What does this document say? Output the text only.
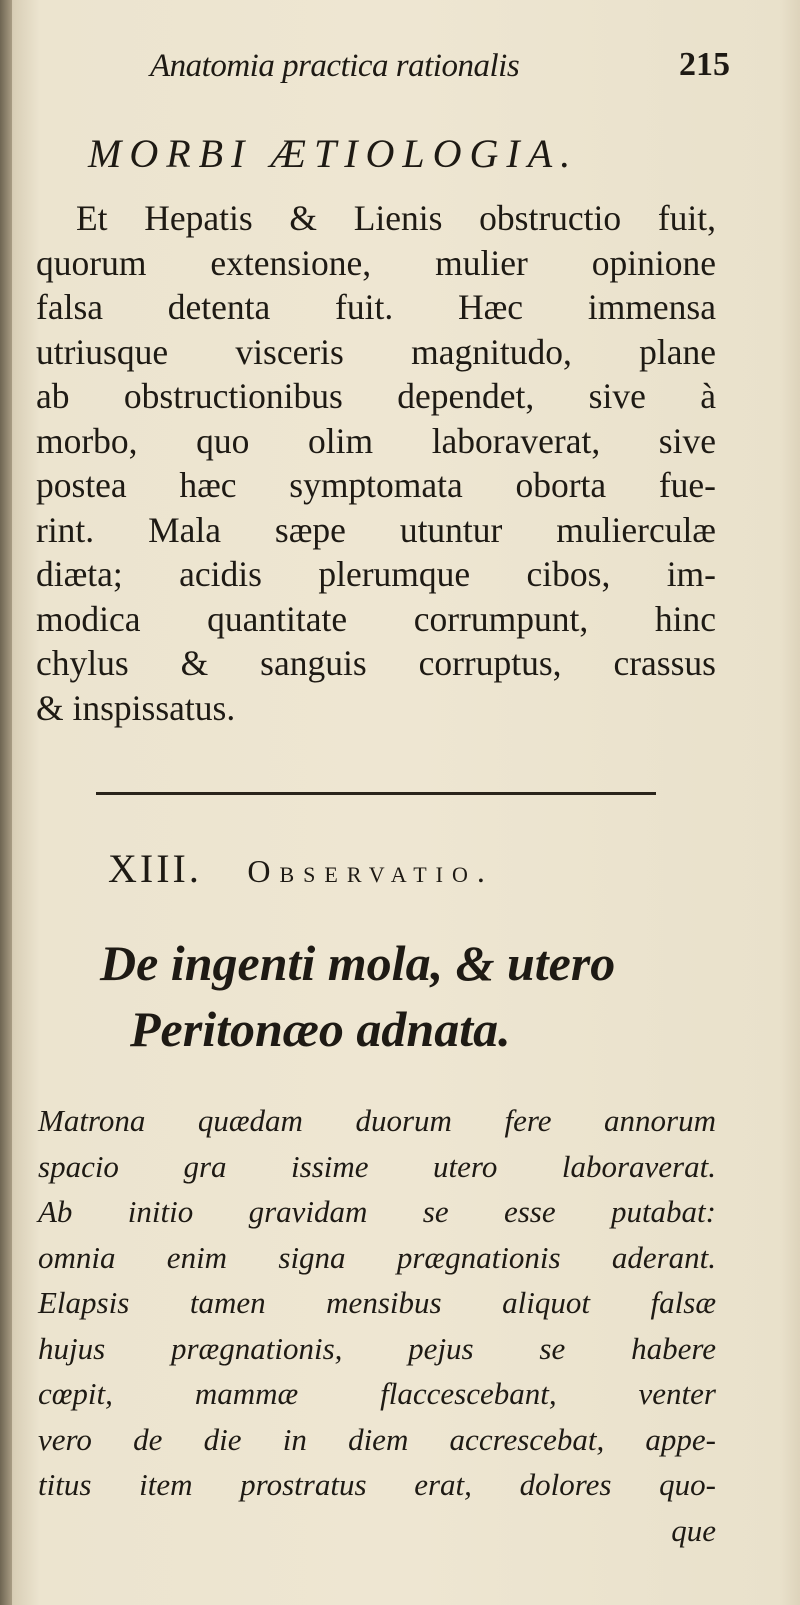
Anatomia practica rationalis	215
MORBI ÆTIOLOGIA.
Et Hepatis & Lienis obstructio fuit,
quorum extensione, mulier opinione
falsa detenta fuit. Hæc immensa
utriusque visceris magnitudo, plane
ab obstructionibus dependet, sive à
morbo, quo olim laboraverat, sive
postea hæc symptomata oborta fue-
rint. Mala sæpe utuntur mulierculæ
diæta; acidis plerumque cibos, im-
modica quantitate corrumpunt, hinc
chylus & sanguis corruptus, crassus
& inspissatus.
XIII. Observatio.
De ingenti mola, & utero
Peritonæo adnata.
Matrona quædam duorum fere annorum
spacio gra issime utero laboraverat.
Ab initio gravidam se esse putabat:
omnia enim signa prægnationis aderant.
Elapsis tamen mensibus aliquot falsæ
hujus prægnationis, pejus se habere
cœpit, mammæ flaccescebant, venter
vero de die in diem accrescebat, appe-
titus item prostratus erat, dolores quo-
que
